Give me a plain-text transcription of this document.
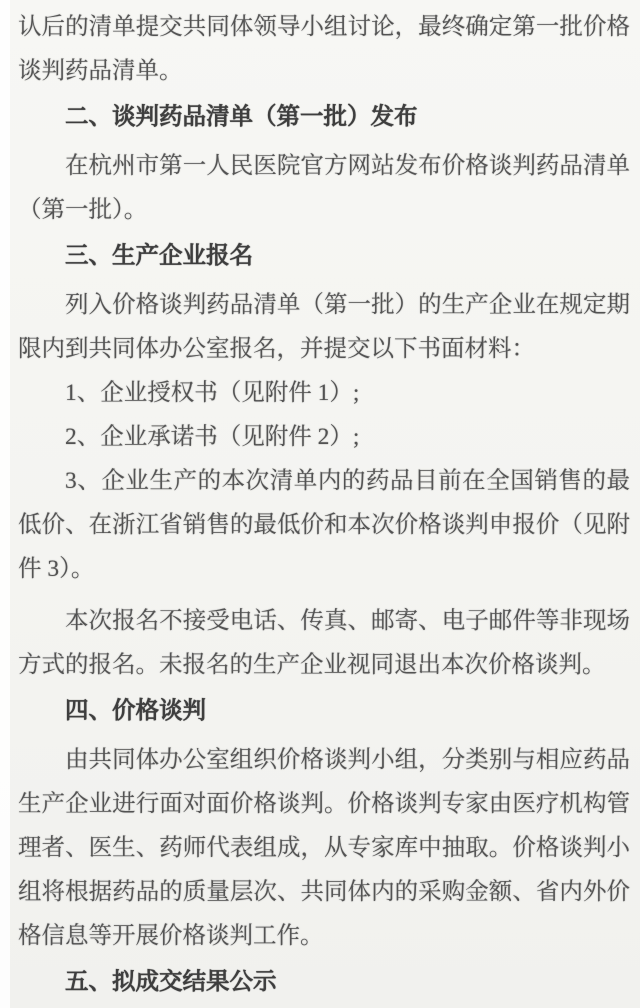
认后的清单提交共同体领导小组讨论，最终确定第一批价格谈判药品清单。

二、谈判药品清单（第一批）发布

在杭州市第一人民医院官方网站发布价格谈判药品清单（第一批）。

三、生产企业报名

列入价格谈判药品清单（第一批）的生产企业在规定期限内到共同体办公室报名，并提交以下书面材料：

1、企业授权书（见附件 1）;

2、企业承诺书（见附件 2）;

3、企业生产的本次清单内的药品目前在全国销售的最低价、在浙江省销售的最低价和本次价格谈判申报价（见附件 3）。

本次报名不接受电话、传真、邮寄、电子邮件等非现场方式的报名。未报名的生产企业视同退出本次价格谈判。

四、价格谈判

由共同体办公室组织价格谈判小组，分类别与相应药品生产企业进行面对面价格谈判。价格谈判专家由医疗机构管理者、医生、药师代表组成，从专家库中抽取。价格谈判小组将根据药品的质量层次、共同体内的采购金额、省内外价格信息等开展价格谈判工作。

五、拟成交结果公示
